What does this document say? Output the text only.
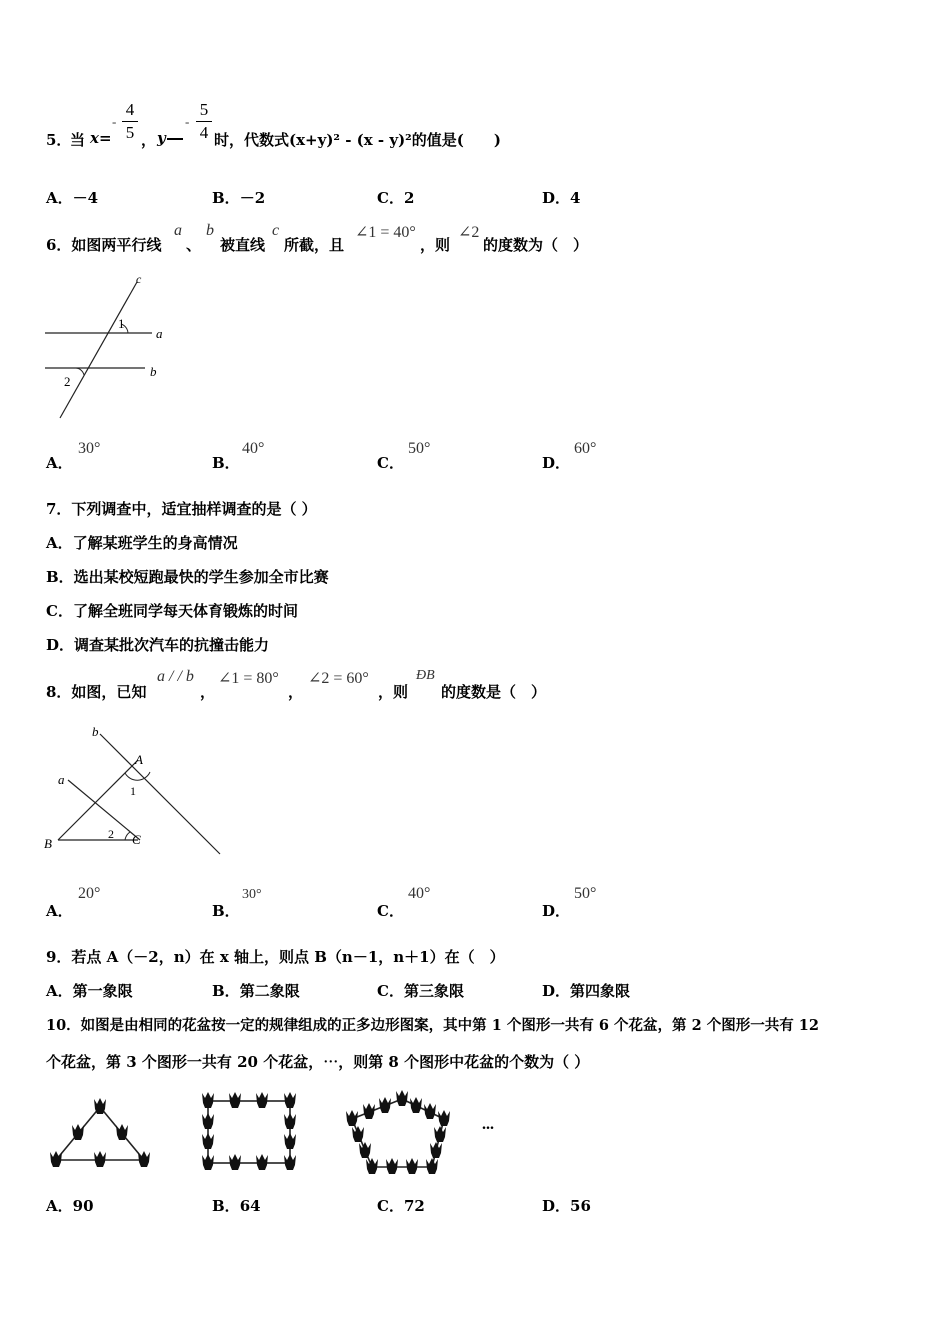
5．
当 x=
-
4
5 ， y
-
5
4 时，代数式(x+y)² - (x - y)²的值是(　　)
A．－4	B．－2	C．2	D．4
6．如图两平行线
a
、
b
被直线
c
所截，且
∠1 = 40°
，则
∠2
的度数为（　）
c
1
a
2
b
A．
30°
B．
40°
C．
50°
D．
60°
7．下列调查中，适宜抽样调查的是（ ）
A．了解某班学生的身高情况
B．选出某校短跑最快的学生参加全市比赛
C．了解全班同学每天体育锻炼的时间
D．调查某批次汽车的抗撞击能力
8．如图，已知
a / / b
，
∠1 = 80°
，
∠2 = 60°
，则
ÐB
的度数是（　）
b
A
1
a
B
2 C
A．
20°
B．
30°
C．
40°
D．
50°
9．若点 A（－2，n）在 x 轴上，则点 B（n－1，n＋1）在（　）
A．第一象限	B．第二象限	C．第三象限	D．第四象限
10．如图是由相同的花盆按一定的规律组成的正多边形图案，其中第 1 个图形一共有 6 个花盆，第 2 个图形一共有 12
个花盆，第 3 个图形一共有 20 个花盆，⋯，则第 8 个图形中花盆的个数为（ ）
...
A．90	B．64	C．72	D．56
